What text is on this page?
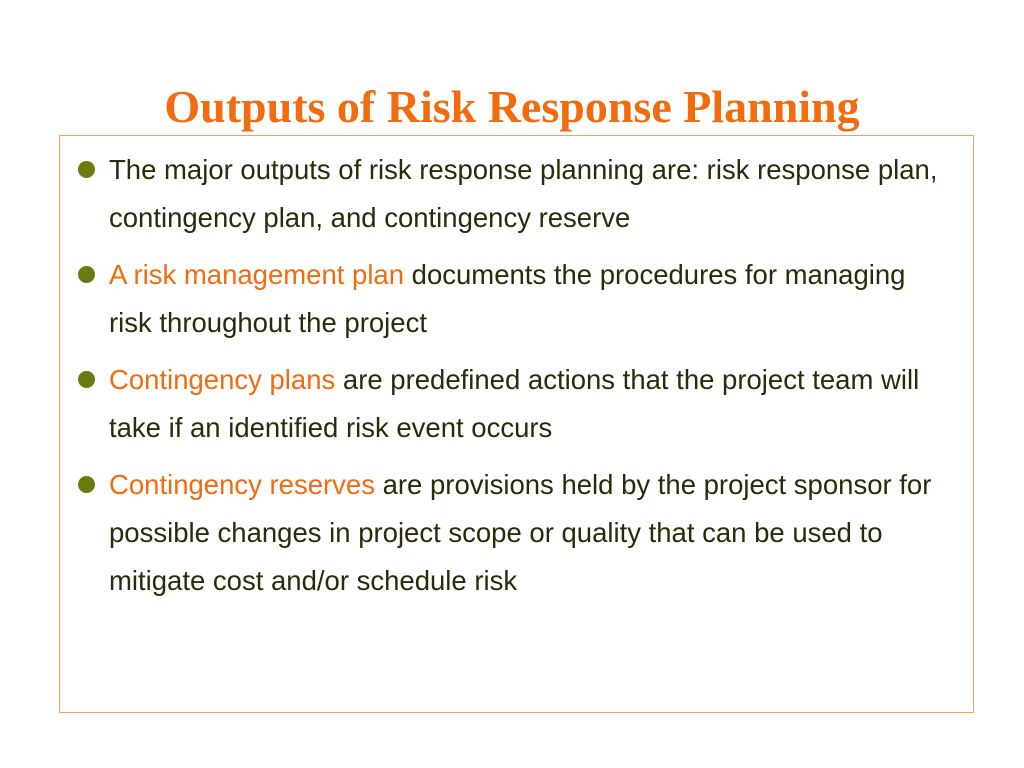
Outputs of Risk Response Planning
The major outputs of risk response planning are: risk response plan, contingency plan, and contingency reserve
A risk management plan documents the procedures for managing risk throughout the project
Contingency plans are predefined actions that the project team will take if an identified risk event occurs
Contingency reserves are provisions held by the project sponsor for possible changes in project scope or quality that can be used to mitigate cost and/or schedule risk
